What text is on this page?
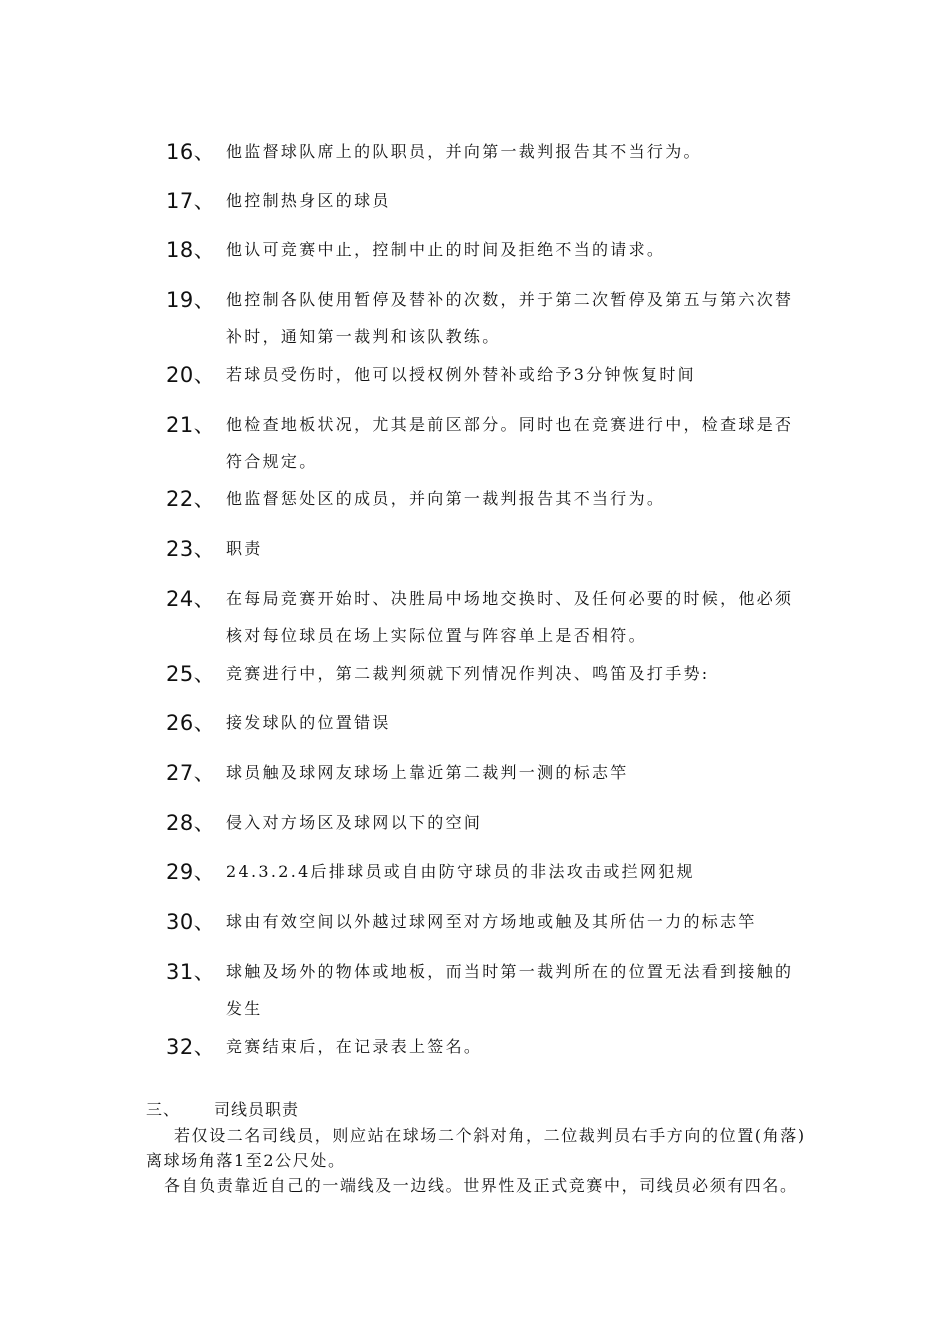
16、 他监督球队席上的队职员，并向第一裁判报告其不当行为。
17、 他控制热身区的球员
18、 他认可竞赛中止，控制中止的时间及拒绝不当的请求。
19、 他控制各队使用暂停及替补的次数，并于第二次暂停及第五与第六次替补时，通知第一裁判和该队教练。
20、 若球员受伤时，他可以授权例外替补或给予3分钟恢复时间
21、 他检查地板状况，尤其是前区部分。同时也在竞赛进行中，检查球是否符合规定。
22、 他监督惩处区的成员，并向第一裁判报告其不当行为。
23、 职责
24、 在每局竞赛开始时、决胜局中场地交换时、及任何必要的时候，他必须核对每位球员在场上实际位置与阵容单上是否相符。
25、 竞赛进行中，第二裁判须就下列情况作判决、鸣笛及打手势:
26、 接发球队的位置错误
27、 球员触及球网友球场上靠近第二裁判一测的标志竿
28、 侵入对方场区及球网以下的空间
29、 24.3.2.4后排球员或自由防守球员的非法攻击或拦网犯规
30、 球由有效空间以外越过球网至对方场地或触及其所估一力的标志竿
31、 球触及场外的物体或地板，而当时第一裁判所在的位置无法看到接触的发生
32、 竞赛结束后，在记录表上签名。
三、 司线员职责
若仅设二名司线员，则应站在球场二个斜对角，二位裁判员右手方向的位置(角落)离球场角落1至2公尺处。
各自负责靠近自己的一端线及一边线。世界性及正式竞赛中，司线员必须有四名。
